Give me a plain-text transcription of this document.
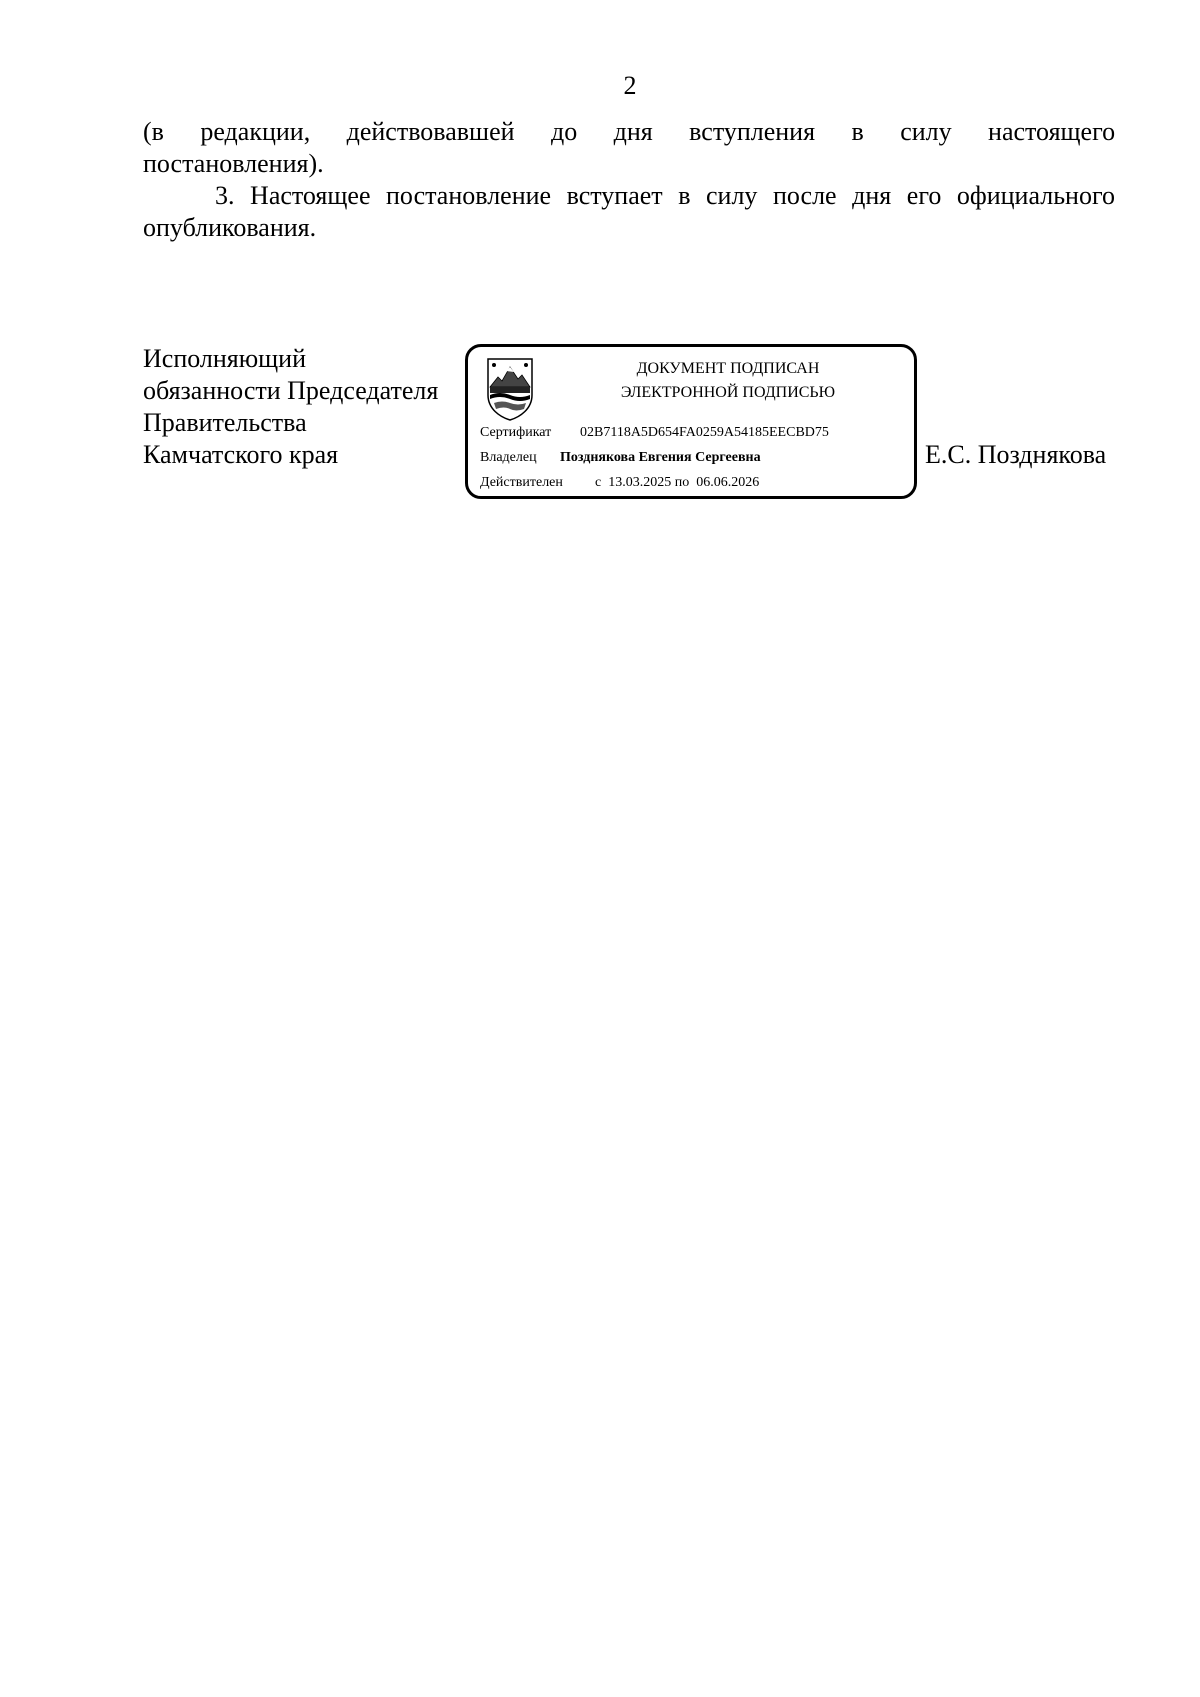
2

(в редакции, действовавшей до дня вступления в силу настоящего
постановления).

3. Настоящее постановление вступает в силу после дня его официального опубликования.

Исполняющий
обязанности Председателя
Правительства
Камчатского края
ДОКУМЕНТ ПОДПИСАН
ЭЛЕКТРОННОЙ ПОДПИСЬЮ
Сертификат 02B7118A5D654FA0259A54185EECBD75
Владелец Позднякова Евгения Сергеевна
Действителен с  13.03.2025 по  06.06.2026
Е.С. Позднякова
